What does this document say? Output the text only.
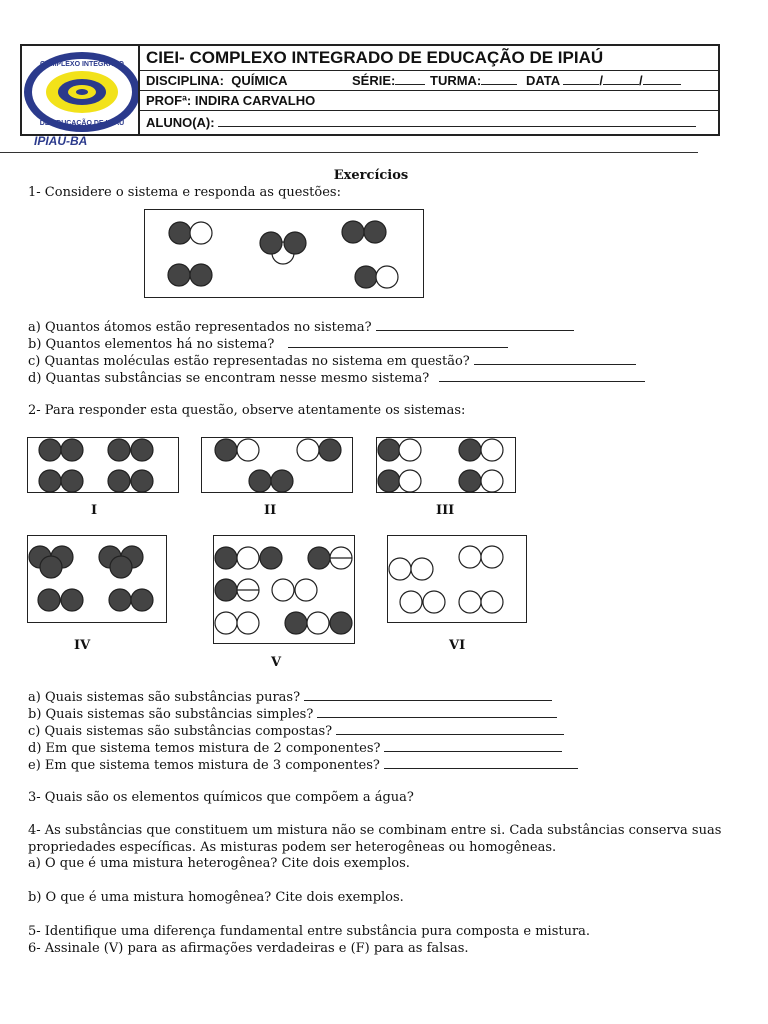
COMPLEXO INTEGRADO
DE EDUCAÇÃO DE IPIAÚ
CIEI- COMPLEXO INTEGRADO DE EDUCAÇÃO DE IPIAÚ
DISCIPLINA: QUÍMICA	SÉRIE:	TURMA:	DATA	/	/
PROFª: INDIRA CARVALHO
ALUNO(A):
IPIAÚ-BA
Exercícios
1- Considere o sistema e responda as questões:
a) Quantos átomos estão representados no sistema?
b) Quantos elementos há no sistema?
c) Quantas moléculas estão representadas no sistema em questão?
d) Quantas substâncias se encontram nesse mesmo sistema?
2- Para responder esta questão, observe atentamente os sistemas:
I	II	III
IV
V
VI
a) Quais sistemas são substâncias puras?
b) Quais sistemas são substâncias simples?
c) Quais sistemas são substâncias compostas?
d) Em que sistema temos mistura de 2 componentes?
e) Em que sistema temos mistura de 3 componentes?
3- Quais são os elementos químicos que compõem a água?
4- As substâncias que constituem um mistura não se combinam entre si. Cada substâncias conserva suas
propriedades específicas. As misturas podem ser heterogêneas ou homogêneas.
a) O que é uma mistura heterogênea? Cite dois exemplos.
b) O que é uma mistura homogênea? Cite dois exemplos.
5- Identifique uma diferença fundamental entre substância pura composta e mistura.
6- Assinale (V) para as afirmações verdadeiras e (F) para as falsas.
